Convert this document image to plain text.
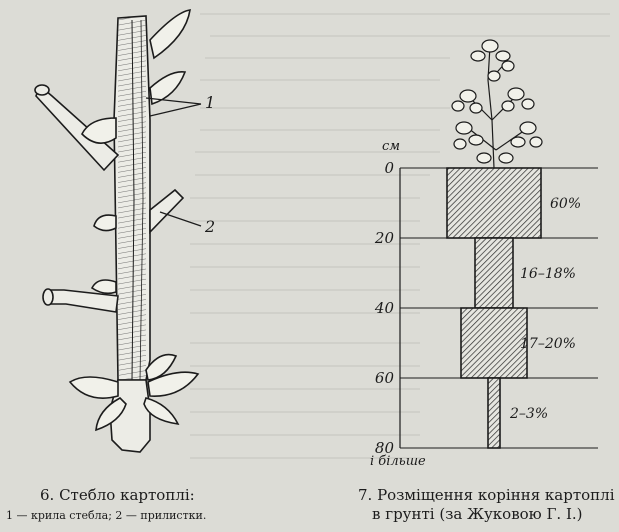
1
2
см
60%
16–18%
17–20%
2–3%
0
20
40
60
80
і більше
6. Стебло картоплі:
1 — крила стебла; 2 — прилистки.
7. Розміщення коріння картоплі
в грунті (за Жуковою Г. І.)
